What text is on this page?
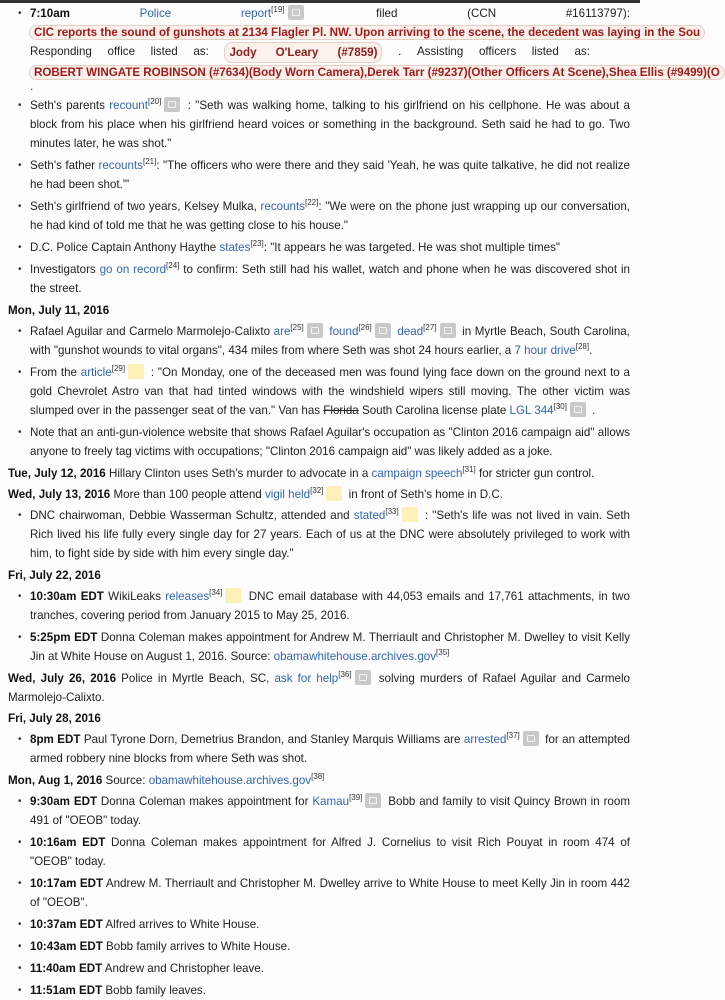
• 7:10am	Police	report[19]	filed	(CCN	#16113797):
CIC reports the sound of gunshots at 2134 Flagler Pl. NW. Upon arriving to the scene, the decedent was laying in the Sou
Responding office listed as: Jody O'Leary (#7859) . Assisting officers listed as:
ROBERT WINGATE ROBINSON (#7634)(Body Worn Camera),Derek Tarr (#9237)(Other Officers At Scene),Shea Ellis (#9499)(O
.
• Seth's parents recount[20] : "Seth was walking home, talking to his girlfriend on his cellphone. He was about a block from his place when his girlfriend heard voices or something in the background. Seth said he had to go. Two minutes later, he was shot."
• Seth's father recounts[21]: "The officers who were there and they said 'Yeah, he was quite talkative, he did not realize he had been shot.'"
• Seth's girlfriend of two years, Kelsey Mulka, recounts[22]: "We were on the phone just wrapping up our conversation, he had kind of told me that he was getting close to his house."
• D.C. Police Captain Anthony Haythe states[23]: "It appears he was targeted. He was shot multiple times"
• Investigators go on record[24] to confirm: Seth still had his wallet, watch and phone when he was discovered shot in the street.
Mon, July 11, 2016
• Rafael Aguilar and Carmelo Marmolejo-Calixto are[25] found[26] dead[27] in Myrtle Beach, South Carolina, with "gunshot wounds to vital organs", 434 miles from where Seth was shot 24 hours earlier, a 7 hour drive[28].
• From the article[29] : "On Monday, one of the deceased men was found lying face down on the ground next to a gold Chevrolet Astro van that had tinted windows with the windshield wipers still moving. The other victim was slumped over in the passenger seat of the van." Van has Florida South Carolina license plate LGL 344[30] .
• Note that an anti-gun-violence website that shows Rafael Aguilar's occupation as "Clinton 2016 campaign aid" allows anyone to freely tag victims with occupations; "Clinton 2016 campaign aid" was likely added as a joke.
Tue, July 12, 2016 Hillary Clinton uses Seth's murder to advocate in a campaign speech[31] for stricter gun control.
Wed, July 13, 2016 More than 100 people attend vigil held[32] in front of Seth's home in D.C.
• DNC chairwoman, Debbie Wasserman Schultz, attended and stated[33] : "Seth's life was not lived in vain. Seth Rich lived his life fully every single day for 27 years. Each of us at the DNC were absolutely privileged to work with him, to fight side by side with him every single day."
Fri, July 22, 2016
• 10:30am EDT WikiLeaks releases[34] DNC email database with 44,053 emails and 17,761 attachments, in two tranches, covering period from January 2015 to May 25, 2016.
• 5:25pm EDT Donna Coleman makes appointment for Andrew M. Therriault and Christopher M. Dwelley to visit Kelly Jin at White House on August 1, 2016. Source: obamawhitehouse.archives.gov[35]
Wed, July 26, 2016 Police in Myrtle Beach, SC, ask for help[36] solving murders of Rafael Aguilar and Carmelo Marmolejo-Calixto.
Fri, July 28, 2016
• 8pm EDT Paul Tyrone Dorn, Demetrius Brandon, and Stanley Marquis Williams are arrested[37] for an attempted armed robbery nine blocks from where Seth was shot.
Mon, Aug 1, 2016 Source: obamawhitehouse.archives.gov[38]
• 9:30am EDT Donna Coleman makes appointment for Kamau[39] Bobb and family to visit Quincy Brown in room 491 of "OEOB" today.
• 10:16am EDT Donna Coleman makes appointment for Alfred J. Cornelius to visit Rich Pouyat in room 474 of "OEOB" today.
• 10:17am EDT Andrew M. Therriault and Christopher M. Dwelley arrive to White House to meet Kelly Jin in room 442 of "OEOB".
• 10:37am EDT Alfred arrives to White House.
• 10:43am EDT Bobb family arrives to White House.
• 11:40am EDT Andrew and Christopher leave.
• 11:51am EDT Bobb family leaves.
